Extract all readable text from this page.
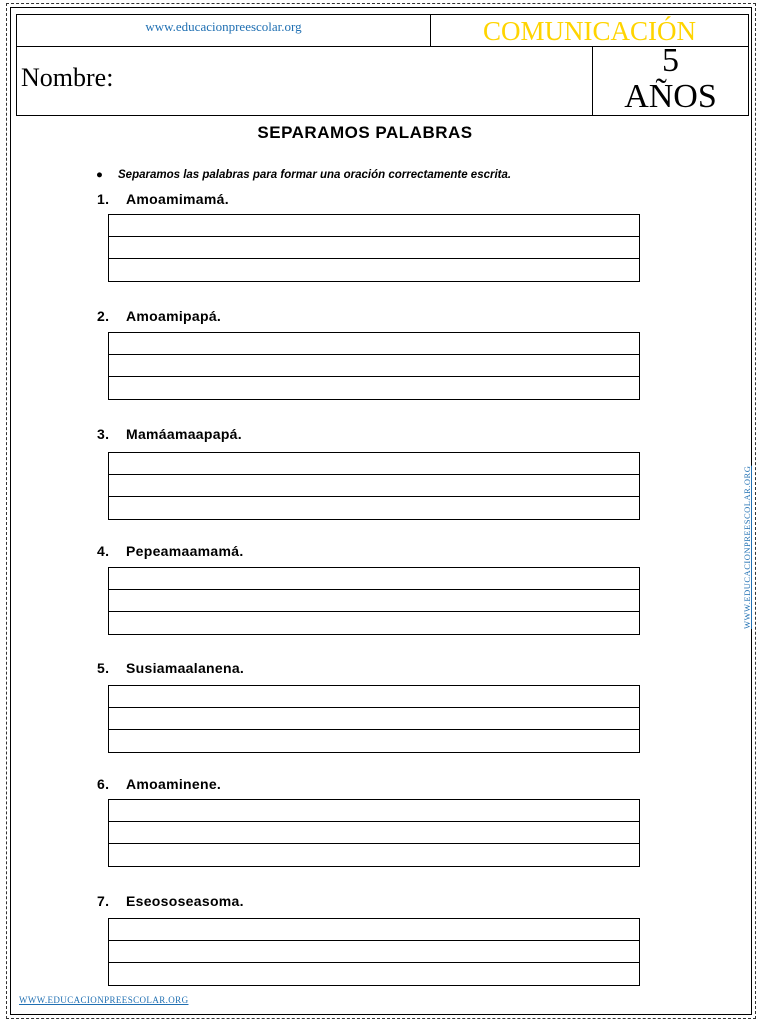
www.educacionpreescolar.org	COMUNICACIÓN
Nombre:	5
AÑOS
SEPARAMOS PALABRAS
● Separamos las palabras para formar una oración correctamente escrita.
1. Amoamimamá.
2. Amoamipapá.
3. Mamáamaapapá.
4. Pepeamaamamá.
5. Susiamaalanena.
6. Amoaminene.
7. Eseososeasoma.
WWW.EDUCACIONPREESCOLAR.ORG
WWW.EDUCACIONPREESCOLAR.ORG
